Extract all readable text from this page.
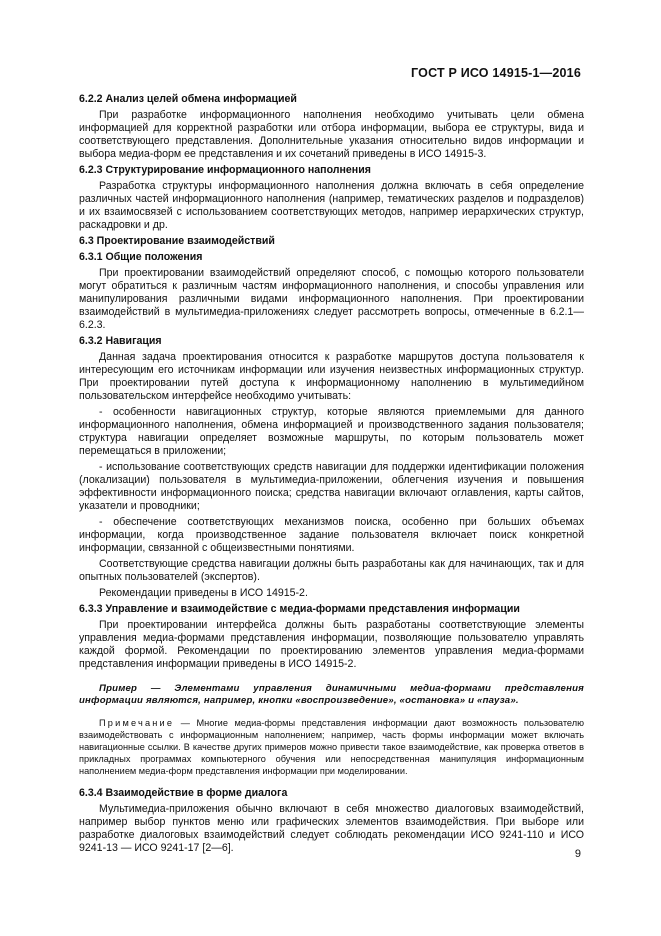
ГОСТ Р ИСО 14915-1—2016
6.2.2 Анализ целей обмена информацией

При разработке информационного наполнения необходимо учитывать цели обмена информацией для корректной разработки или отбора информации, выбора ее структуры, вида и соответствующего представления. Дополнительные указания относительно видов информации и выбора медиа-форм ее представления и их сочетаний приведены в ИСО 14915-3.

6.2.3 Структурирование информационного наполнения

Разработка структуры информационного наполнения должна включать в себя определение различных частей информационного наполнения (например, тематических разделов и подразделов) и их взаимосвязей с использованием соответствующих методов, например иерархических структур, раскадровки и др.

6.3 Проектирование взаимодействий
6.3.1 Общие положения

При проектировании взаимодействий определяют способ, с помощью которого пользователи могут обратиться к различным частям информационного наполнения, и способы управления или манипулирования различными видами информационного наполнения. При проектировании взаимодействий в мультимедиа-приложениях следует рассмотреть вопросы, отмеченные в 6.2.1—6.2.3.

6.3.2 Навигация

Данная задача проектирования относится к разработке маршрутов доступа пользователя к интересующим его источникам информации или изучения неизвестных информационных структур. При проектировании путей доступа к информационному наполнению в мультимедийном пользовательском интерфейсе необходимо учитывать:

- особенности навигационных структур, которые являются приемлемыми для данного информационного наполнения, обмена информацией и производственного задания пользователя; структура навигации определяет возможные маршруты, по которым пользователь может перемещаться в приложении;

- использование соответствующих средств навигации для поддержки идентификации положения (локализации) пользователя в мультимедиа-приложении, облегчения изучения и повышения эффективности информационного поиска; средства навигации включают оглавления, карты сайтов, указатели и проводники;

- обеспечение соответствующих механизмов поиска, особенно при больших объемах информации, когда производственное задание пользователя включает поиск конкретной информации, связанной с общеизвестными понятиями.

Соответствующие средства навигации должны быть разработаны как для начинающих, так и для опытных пользователей (экспертов).

Рекомендации приведены в ИСО 14915-2.

6.3.3 Управление и взаимодействие с медиа-формами представления информации

При проектировании интерфейса должны быть разработаны соответствующие элементы управления медиа-формами представления информации, позволяющие пользователю управлять каждой формой. Рекомендации по проектированию элементов управления медиа-формами представления информации приведены в ИСО 14915-2.

Пример — Элементами управления динамичными медиа-формами представления информации являются, например, кнопки «воспроизведение», «остановка» и «пауза».
Примечание — Многие медиа-формы представления информации дают возможность пользователю взаимодействовать с информационным наполнением; например, часть формы информации может включать навигационные ссылки. В качестве других примеров можно привести такое взаимодействие, как проверка ответов в прикладных программах компьютерного обучения или непосредственная манипуляция информационным наполнением медиа-форм представления информации при моделировании.
6.3.4 Взаимодействие в форме диалога

Мультимедиа-приложения обычно включают в себя множество диалоговых взаимодействий, например выбор пунктов меню или графических элементов взаимодействия. При выборе или разработке диалоговых взаимодействий следует соблюдать рекомендации ИСО 9241-110 и ИСО 9241-13 — ИСО 9241-17 [2—6].	9
